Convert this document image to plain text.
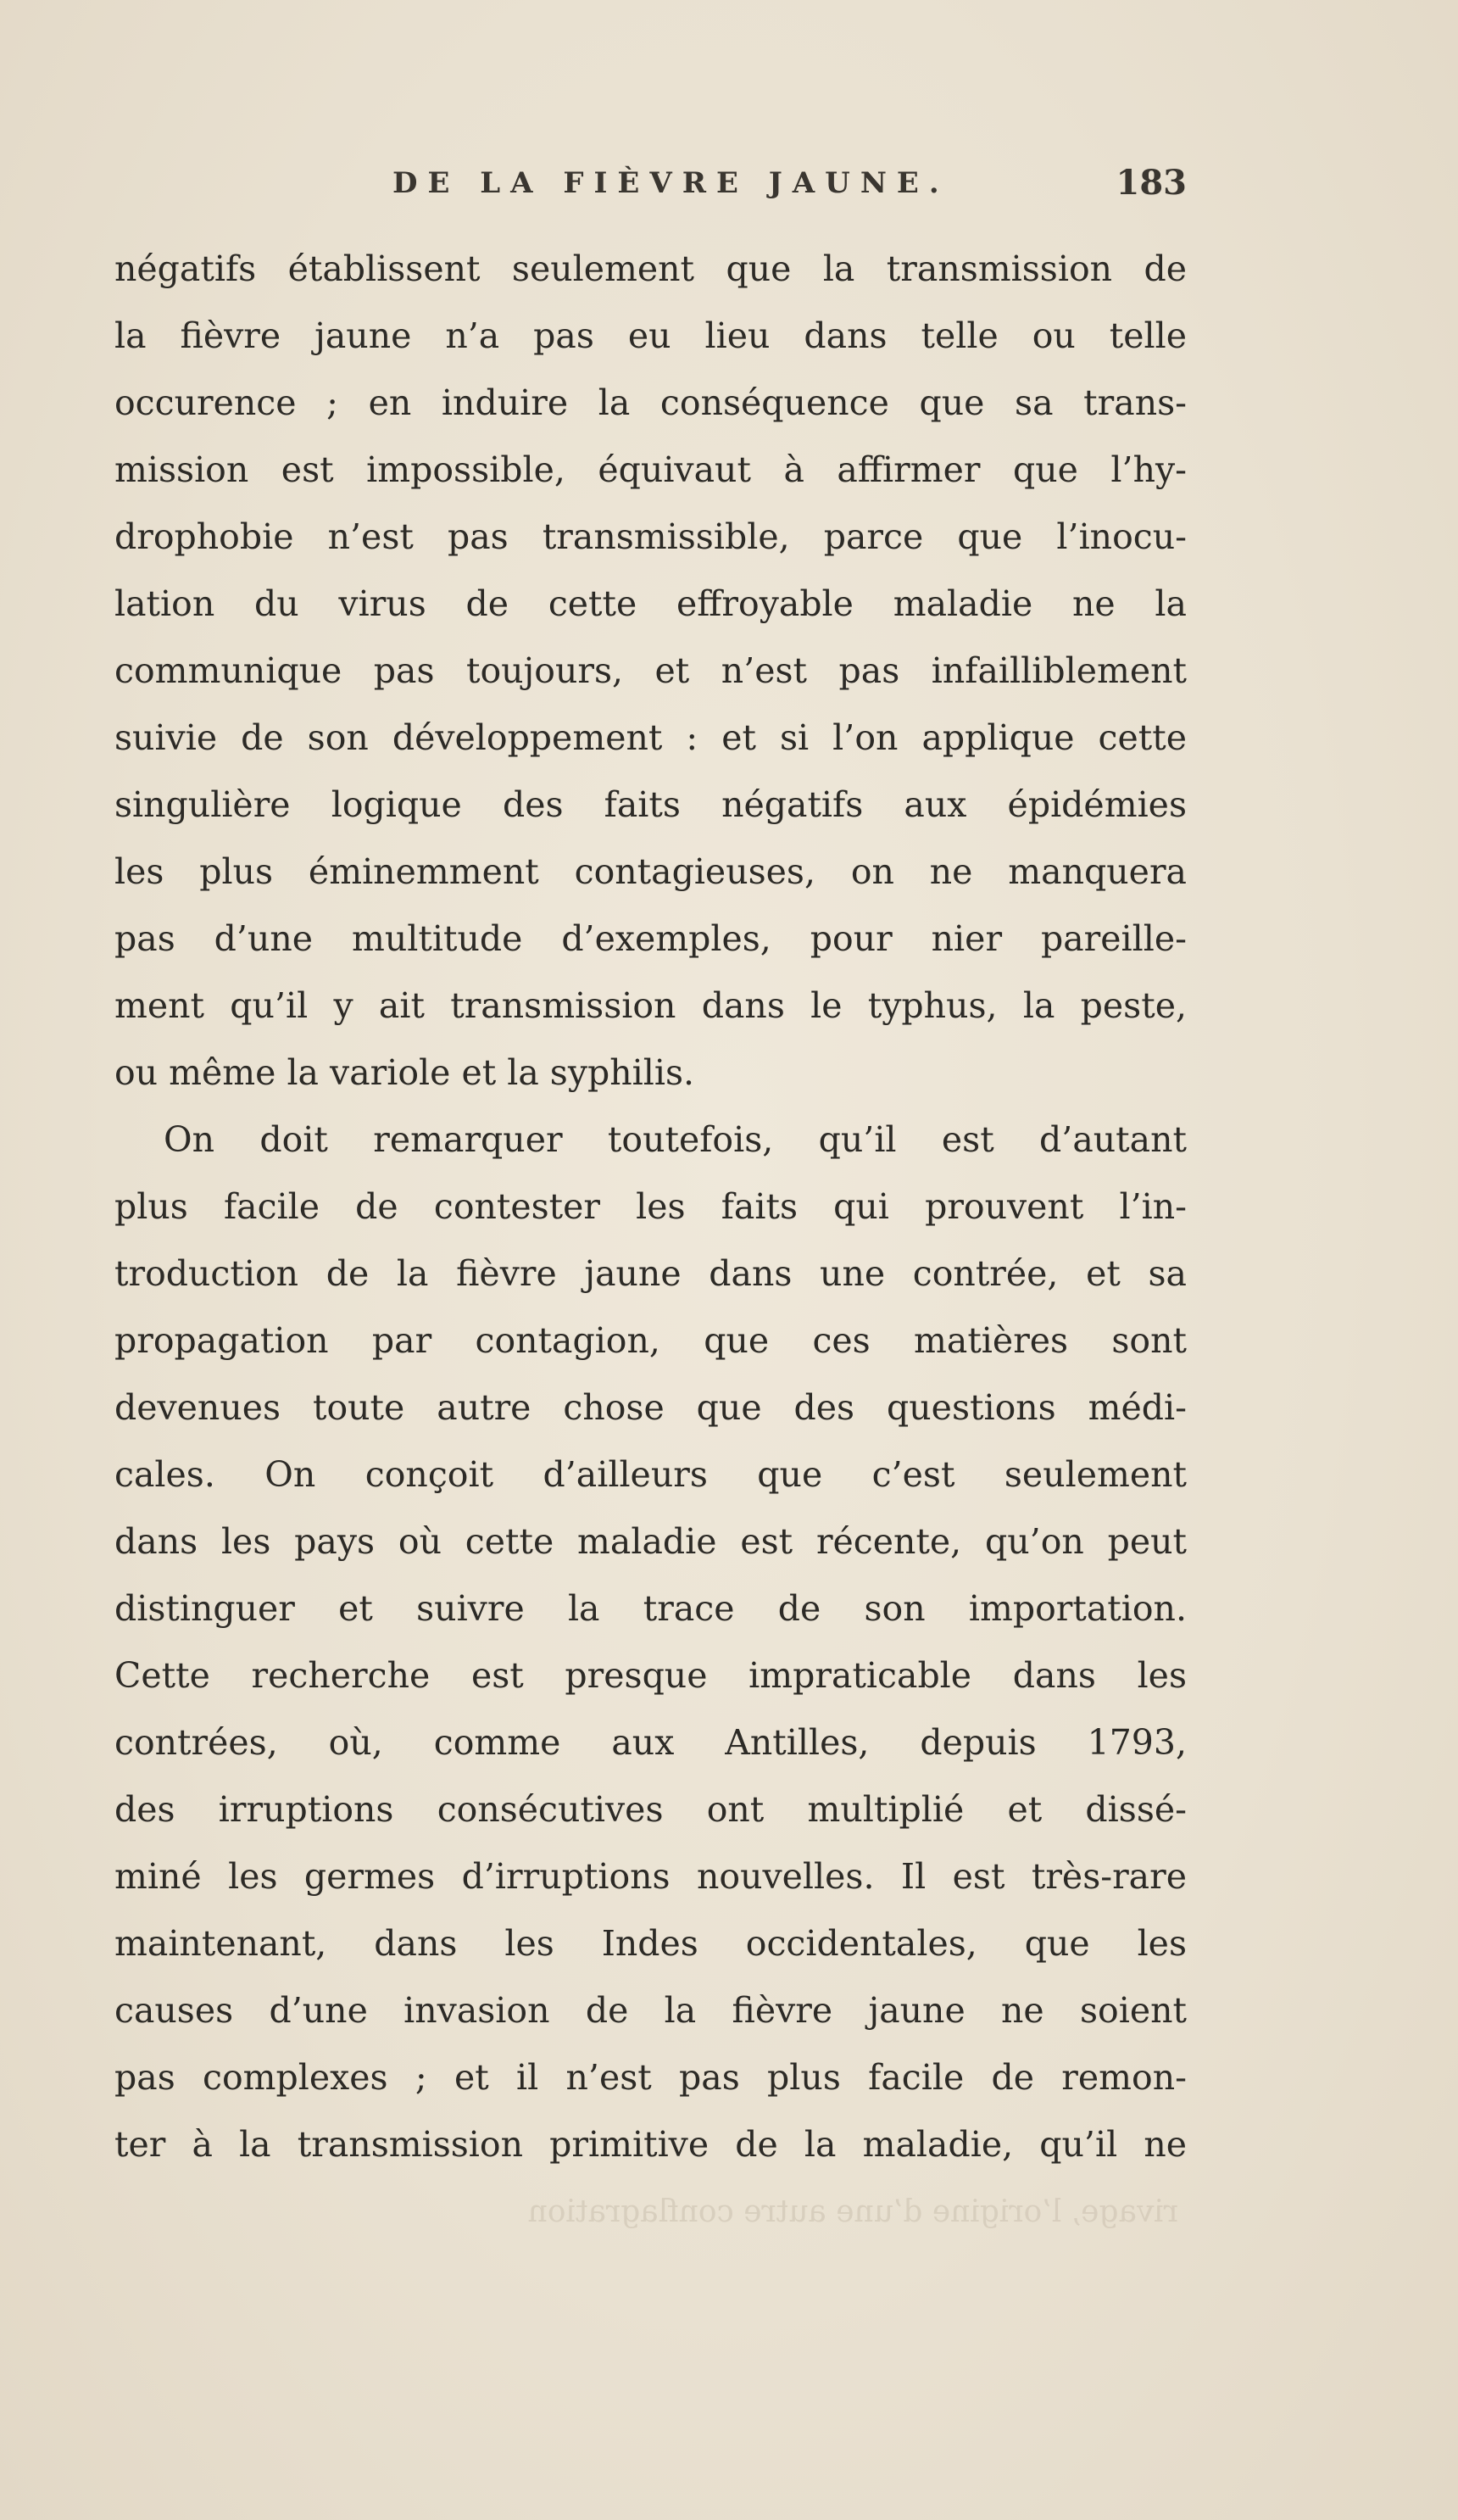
DE LA FIÈVRE JAUNE.	183
négatifs établissent seulement que la transmission de
la fièvre jaune n’a pas eu lieu dans telle ou telle
occurence ; en induire la conséquence que sa trans-
mission est impossible, équivaut à affirmer que l’hy-
drophobie n’est pas transmissible, parce que l’inocu-
lation du virus de cette effroyable maladie ne la
communique pas toujours, et n’est pas infailliblement
suivie de son développement : et si l’on applique cette
singulière logique des faits négatifs aux épidémies
les plus éminemment contagieuses, on ne manquera
pas d’une multitude d’exemples, pour nier pareille-
ment qu’il y ait transmission dans le typhus, la peste,
ou même la variole et la syphilis.
On doit remarquer toutefois, qu’il est d’autant
plus facile de contester les faits qui prouvent l’in-
troduction de la fièvre jaune dans une contrée, et sa
propagation par contagion, que ces matières sont
devenues toute autre chose que des questions médi-
cales. On conçoit d’ailleurs que c’est seulement
dans les pays où cette maladie est récente, qu’on peut
distinguer et suivre la trace de son importation.
Cette recherche est presque impraticable dans les
contrées, où, comme aux Antilles, depuis 1793,
des irruptions consécutives ont multiplié et dissé-
miné les germes d’irruptions nouvelles. Il est très-rare
maintenant, dans les Indes occidentales, que les
causes d’une invasion de la fièvre jaune ne soient
pas complexes ; et il n’est pas plus facile de remon-
ter à la transmission primitive de la maladie, qu’il ne
rivage, l’origine d’une autre conflagration
